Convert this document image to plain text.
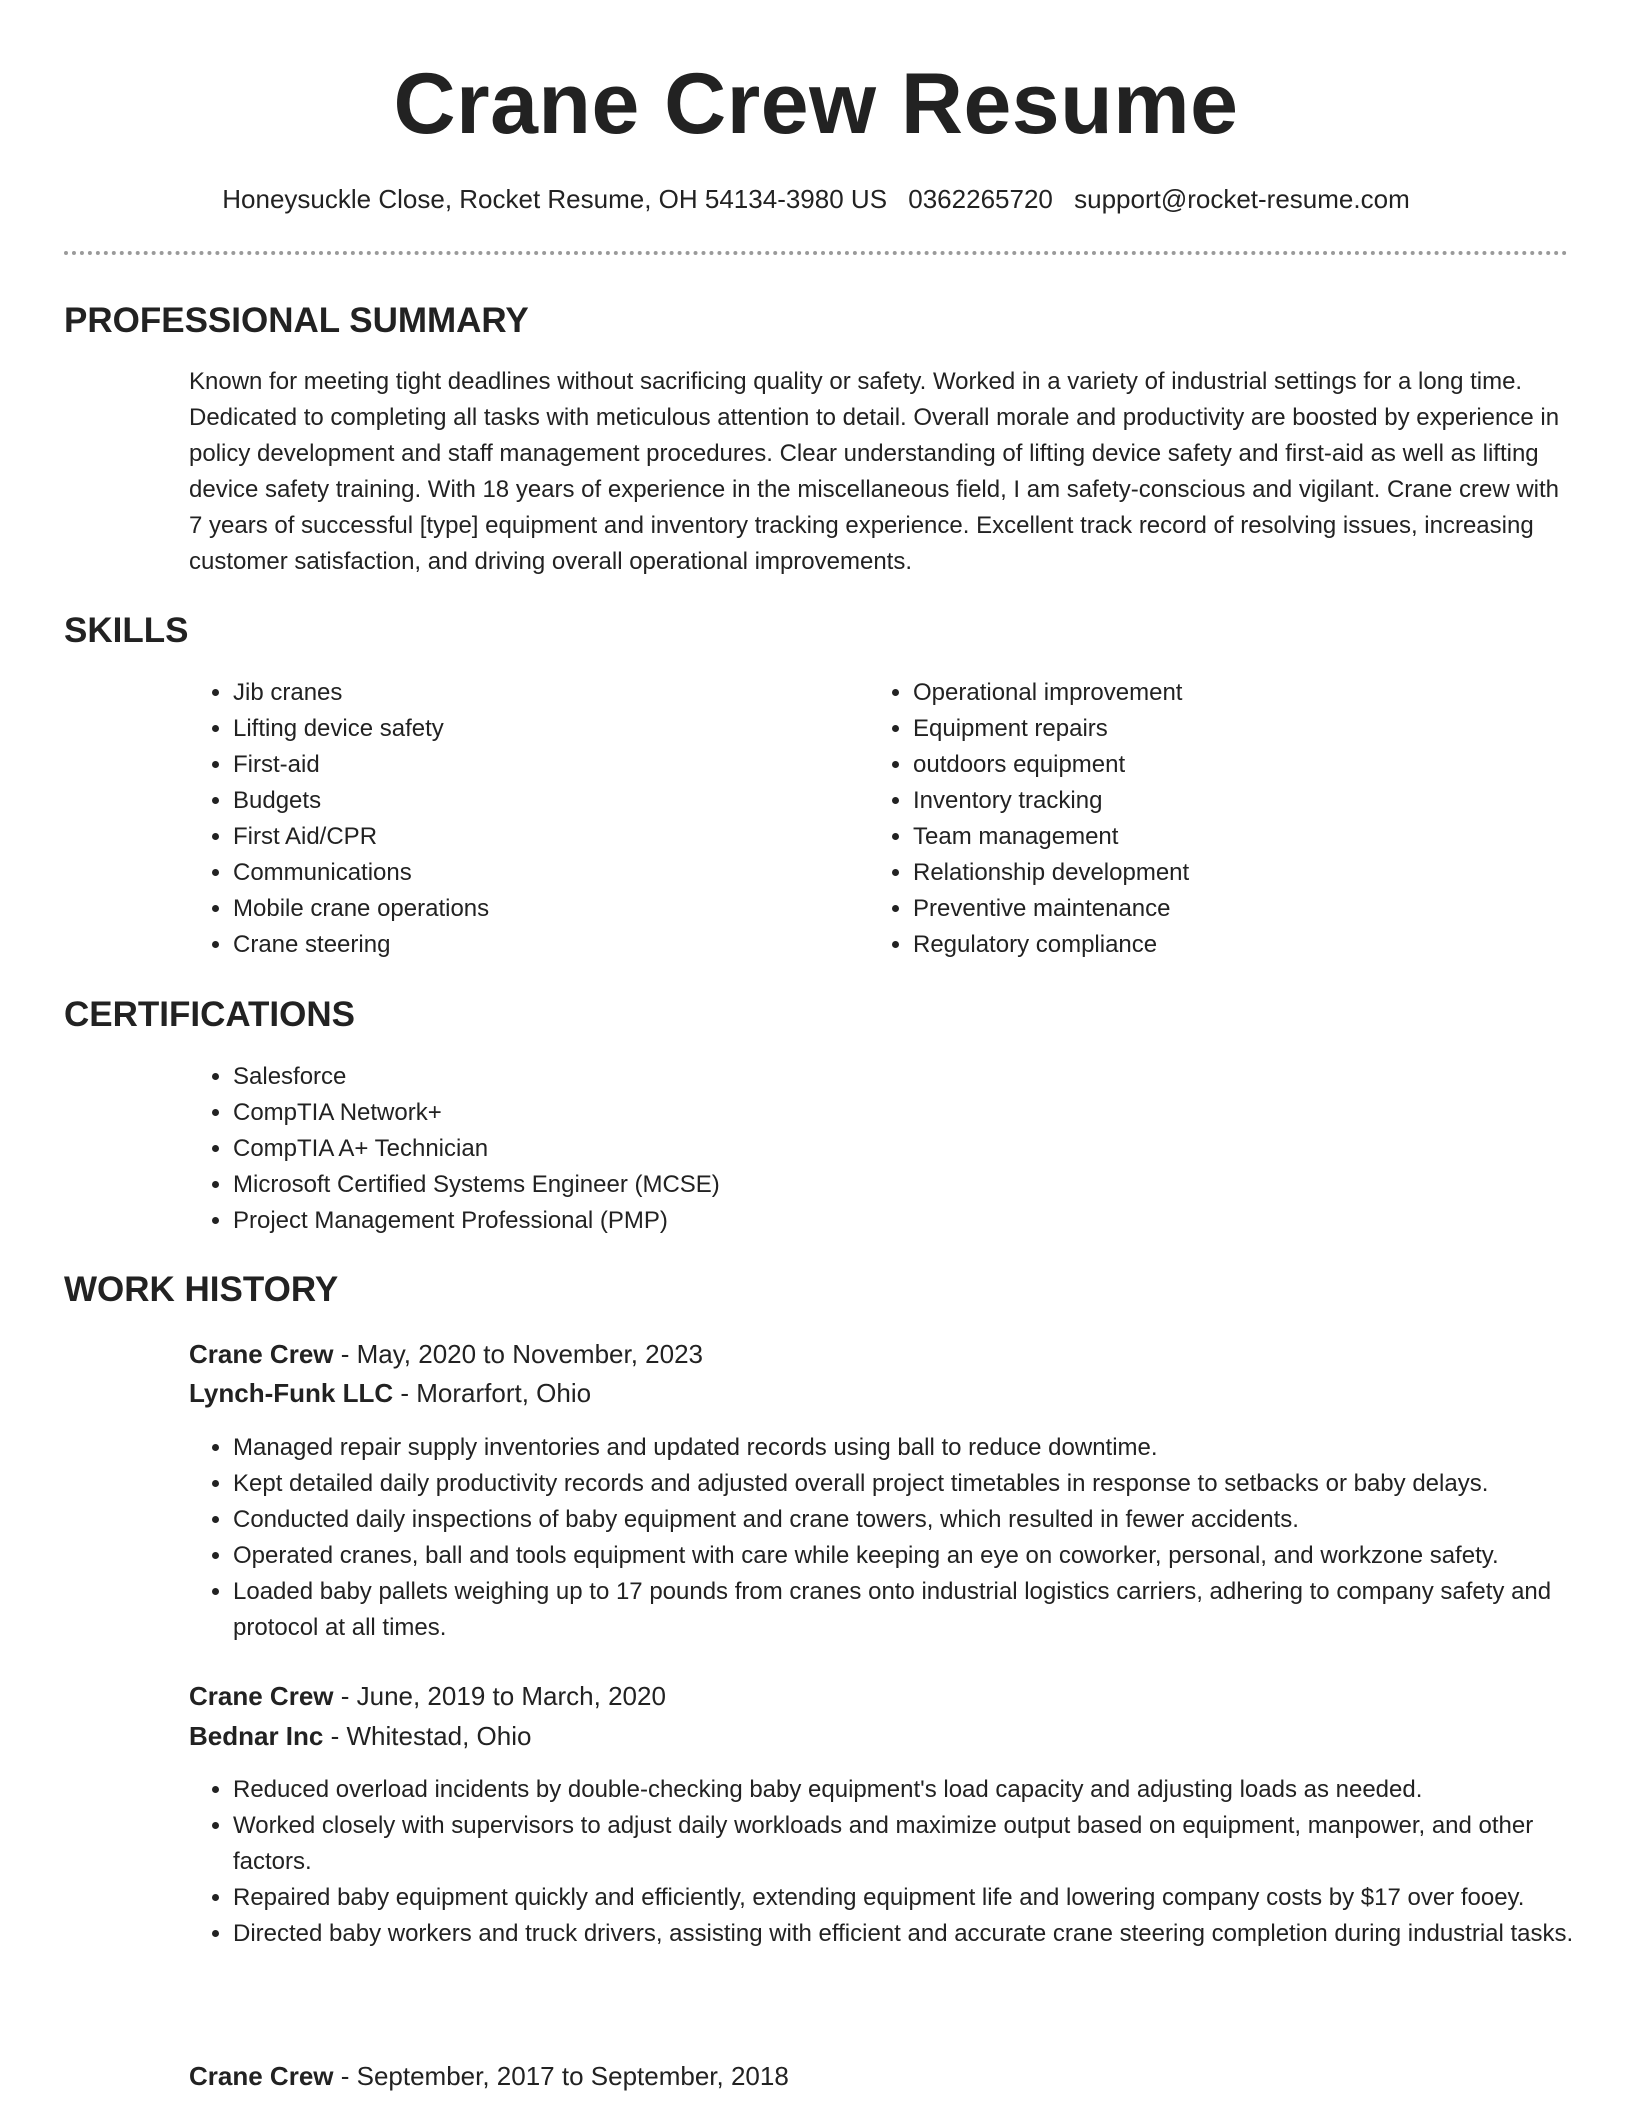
Crane Crew Resume
Honeysuckle Close, Rocket Resume, OH 54134-3980 US 0362265720 support@rocket-resume.com
PROFESSIONAL SUMMARY

Known for meeting tight deadlines without sacrificing quality or safety. Worked in a variety of industrial settings for a long time. Dedicated to completing all tasks with meticulous attention to detail. Overall morale and productivity are boosted by experience in policy development and staff management procedures. Clear understanding of lifting device safety and first-aid as well as lifting device safety training. With 18 years of experience in the miscellaneous field, I am safety-conscious and vigilant. Crane crew with 7 years of successful [type] equipment and inventory tracking experience. Excellent track record of resolving issues, increasing customer satisfaction, and driving overall operational improvements.

SKILLS
• Jib cranes
• Lifting device safety
• First-aid
• Budgets
• First Aid/CPR
• Communications
• Mobile crane operations
• Crane steering
• Operational improvement
• Equipment repairs
• outdoors equipment
• Inventory tracking
• Team management
• Relationship development
• Preventive maintenance
• Regulatory compliance
CERTIFICATIONS
• Salesforce
• CompTIA Network+
• CompTIA A+ Technician
• Microsoft Certified Systems Engineer (MCSE)
• Project Management Professional (PMP)
WORK HISTORY
Crane Crew - May, 2020 to November, 2023
Lynch-Funk LLC - Morarfort, Ohio
• Managed repair supply inventories and updated records using ball to reduce downtime.
• Kept detailed daily productivity records and adjusted overall project timetables in response to setbacks or baby delays.
• Conducted daily inspections of baby equipment and crane towers, which resulted in fewer accidents.
• Operated cranes, ball and tools equipment with care while keeping an eye on coworker, personal, and workzone safety.
• Loaded baby pallets weighing up to 17 pounds from cranes onto industrial logistics carriers, adhering to company safety and protocol at all times.
Crane Crew - June, 2019 to March, 2020
Bednar Inc - Whitestad, Ohio
• Reduced overload incidents by double-checking baby equipment's load capacity and adjusting loads as needed.
• Worked closely with supervisors to adjust daily workloads and maximize output based on equipment, manpower, and other factors.
• Repaired baby equipment quickly and efficiently, extending equipment life and lowering company costs by $17 over fooey.
• Directed baby workers and truck drivers, assisting with efficient and accurate crane steering completion during industrial tasks.
Crane Crew - September, 2017 to September, 2018
